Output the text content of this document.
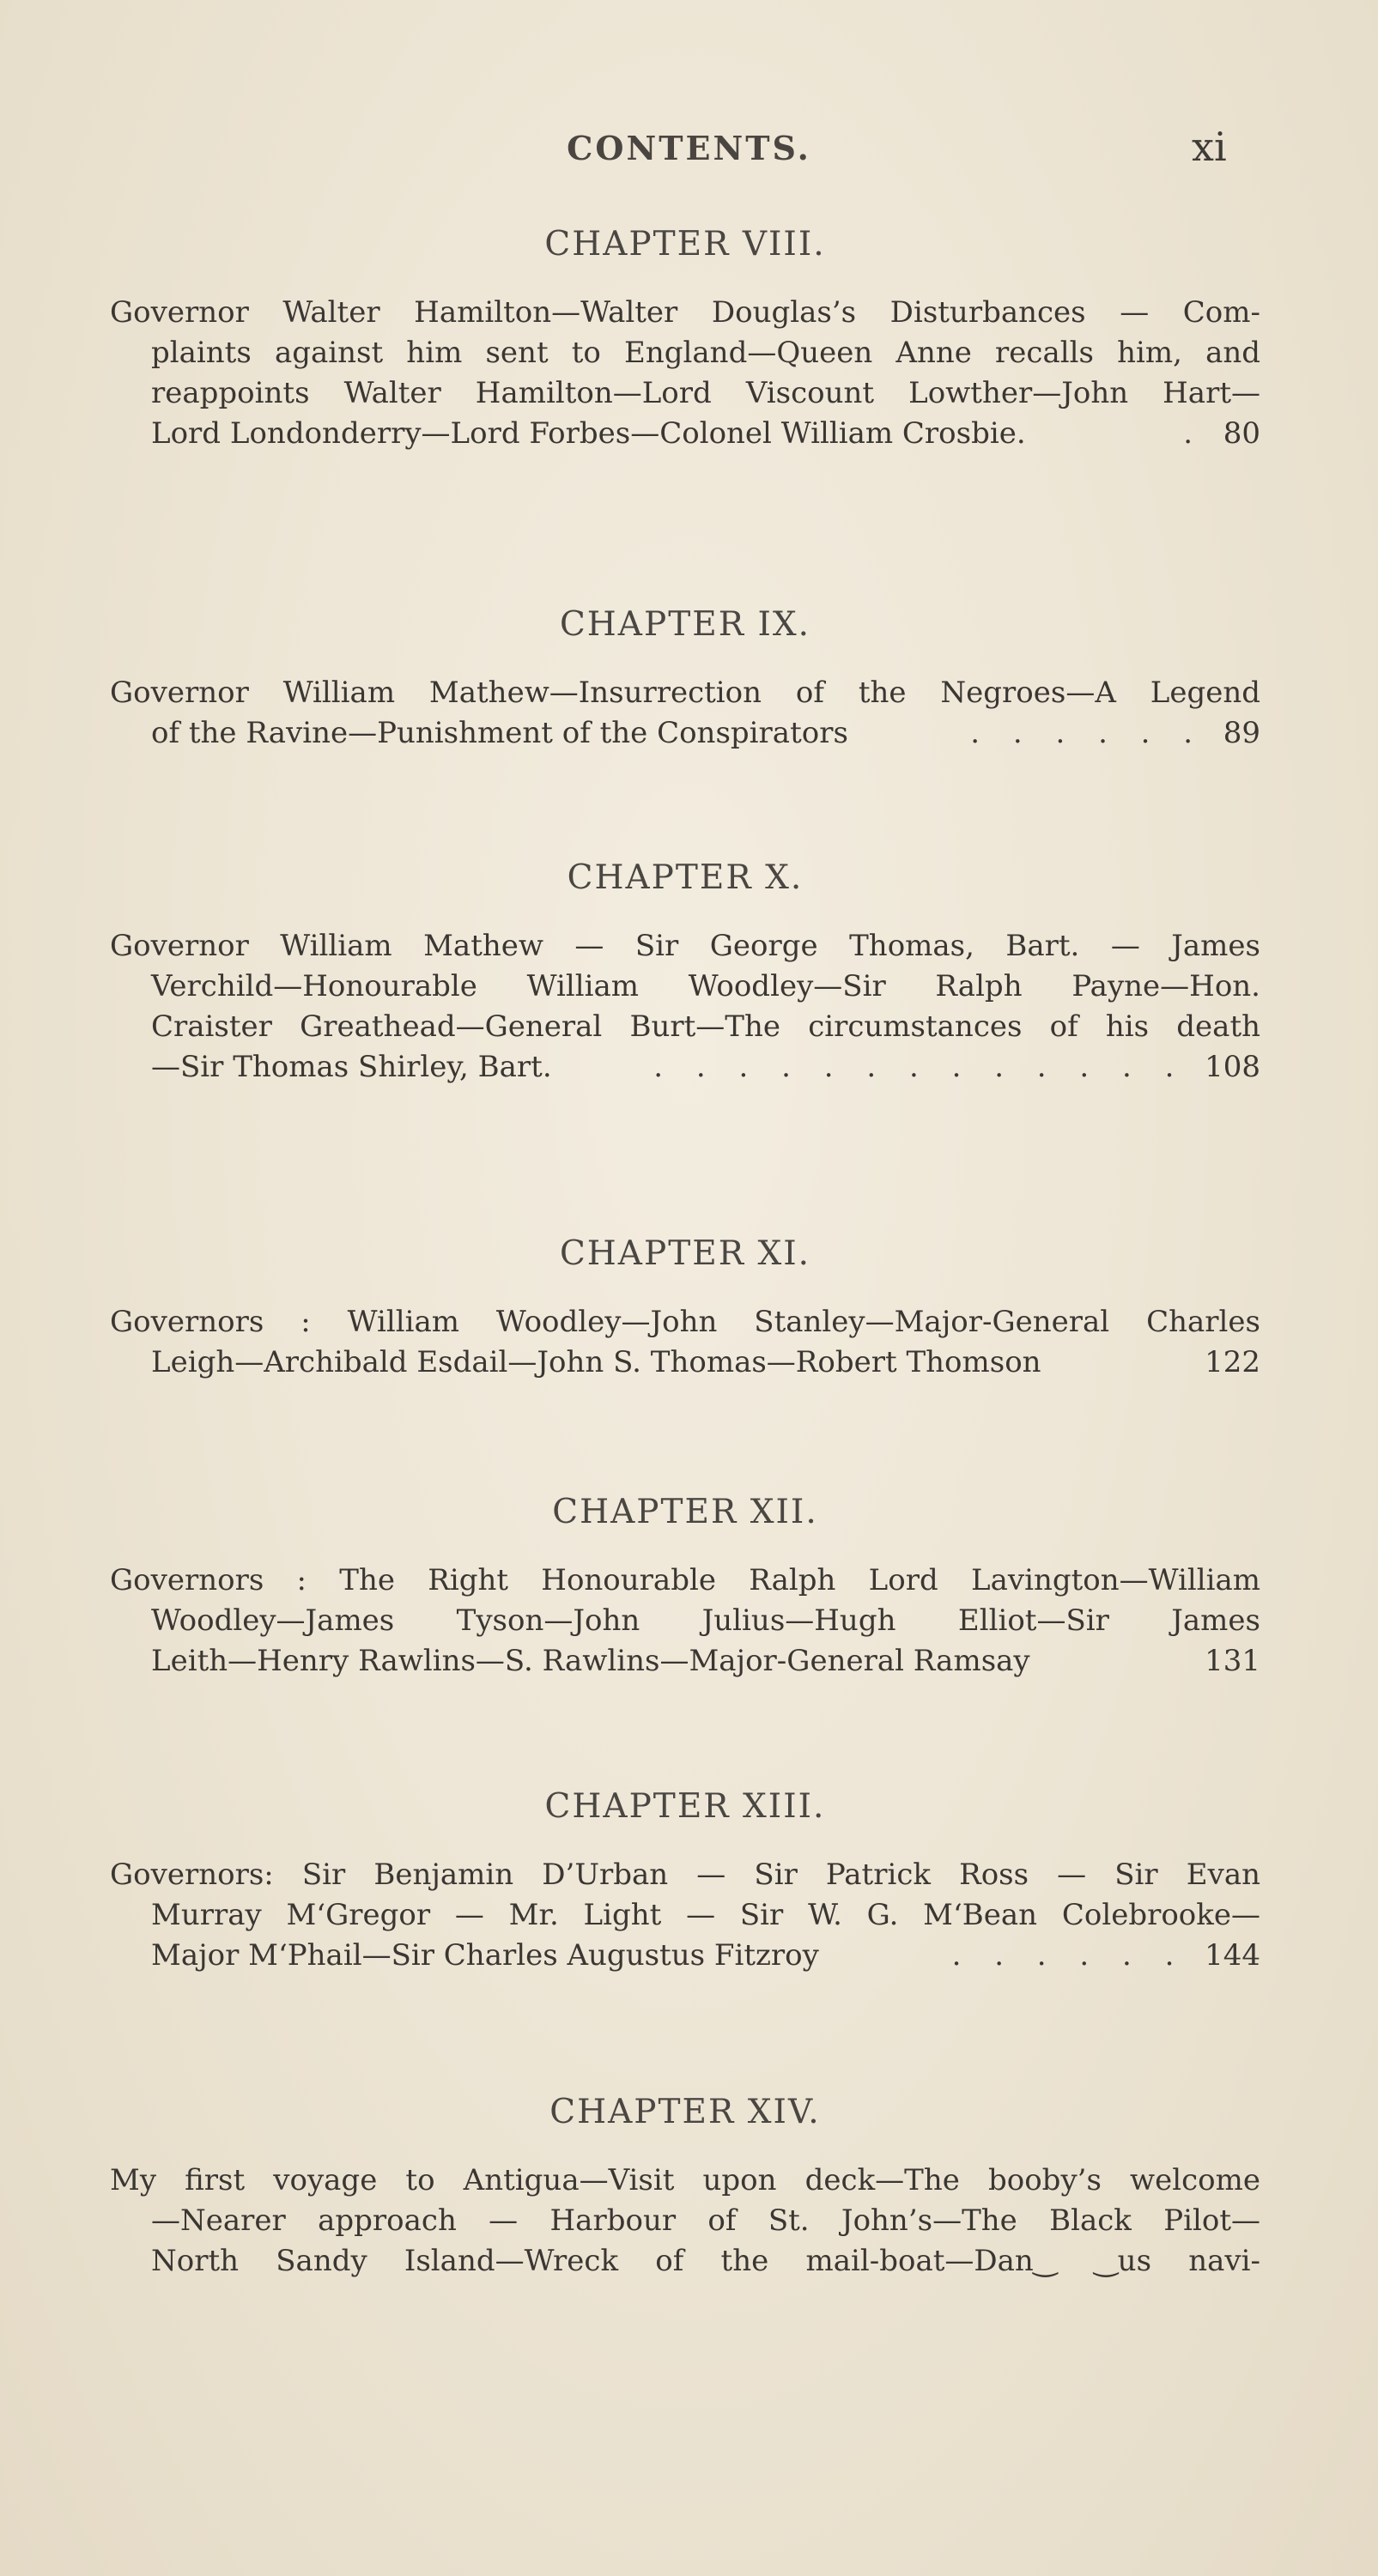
CONTENTS.	xi
CHAPTER VIII.
Governor Walter Hamilton—Walter Douglas’s Disturbances — Com-
plaints against him sent to England—Queen Anne recalls him, and
reappoints Walter Hamilton—Lord Viscount Lowther—John Hart—
Lord Londonderry—Lord Forbes—Colonel William Crosbie.	. 80
CHAPTER IX.
Governor William Mathew—Insurrection of the Negroes—A Legend
of the Ravine—Punishment of the Conspirators	. . . . . . 89
CHAPTER X.
Governor William Mathew — Sir George Thomas, Bart. — James
Verchild—Honourable William Woodley—Sir Ralph Payne—Hon.
Craister Greathead—General Burt—The circumstances of his death
—Sir Thomas Shirley, Bart.	. . . . . . . . . . . . . 108
CHAPTER XI.
Governors : William Woodley—John Stanley—Major-General Charles
Leigh—Archibald Esdail—John S. Thomas—Robert Thomson	122
CHAPTER XII.
Governors : The Right Honourable Ralph Lord Lavington—William
Woodley—James Tyson—John Julius—Hugh Elliot—Sir James
Leith—Henry Rawlins—S. Rawlins—Major-General Ramsay	131
CHAPTER XIII.
Governors: Sir Benjamin D’Urban — Sir Patrick Ross — Sir Evan
Murray M‘Gregor — Mr. Light — Sir W. G. M‘Bean Colebrooke—
Major M‘Phail—Sir Charles Augustus Fitzroy	. . . . . . 144
CHAPTER XIV.
My first voyage to Antigua—Visit upon deck—The booby’s welcome
—Nearer approach — Harbour of St. John’s—The Black Pilot—
North Sandy Island—Wreck of the mail-boat—Dan‿ ‿us navi-
